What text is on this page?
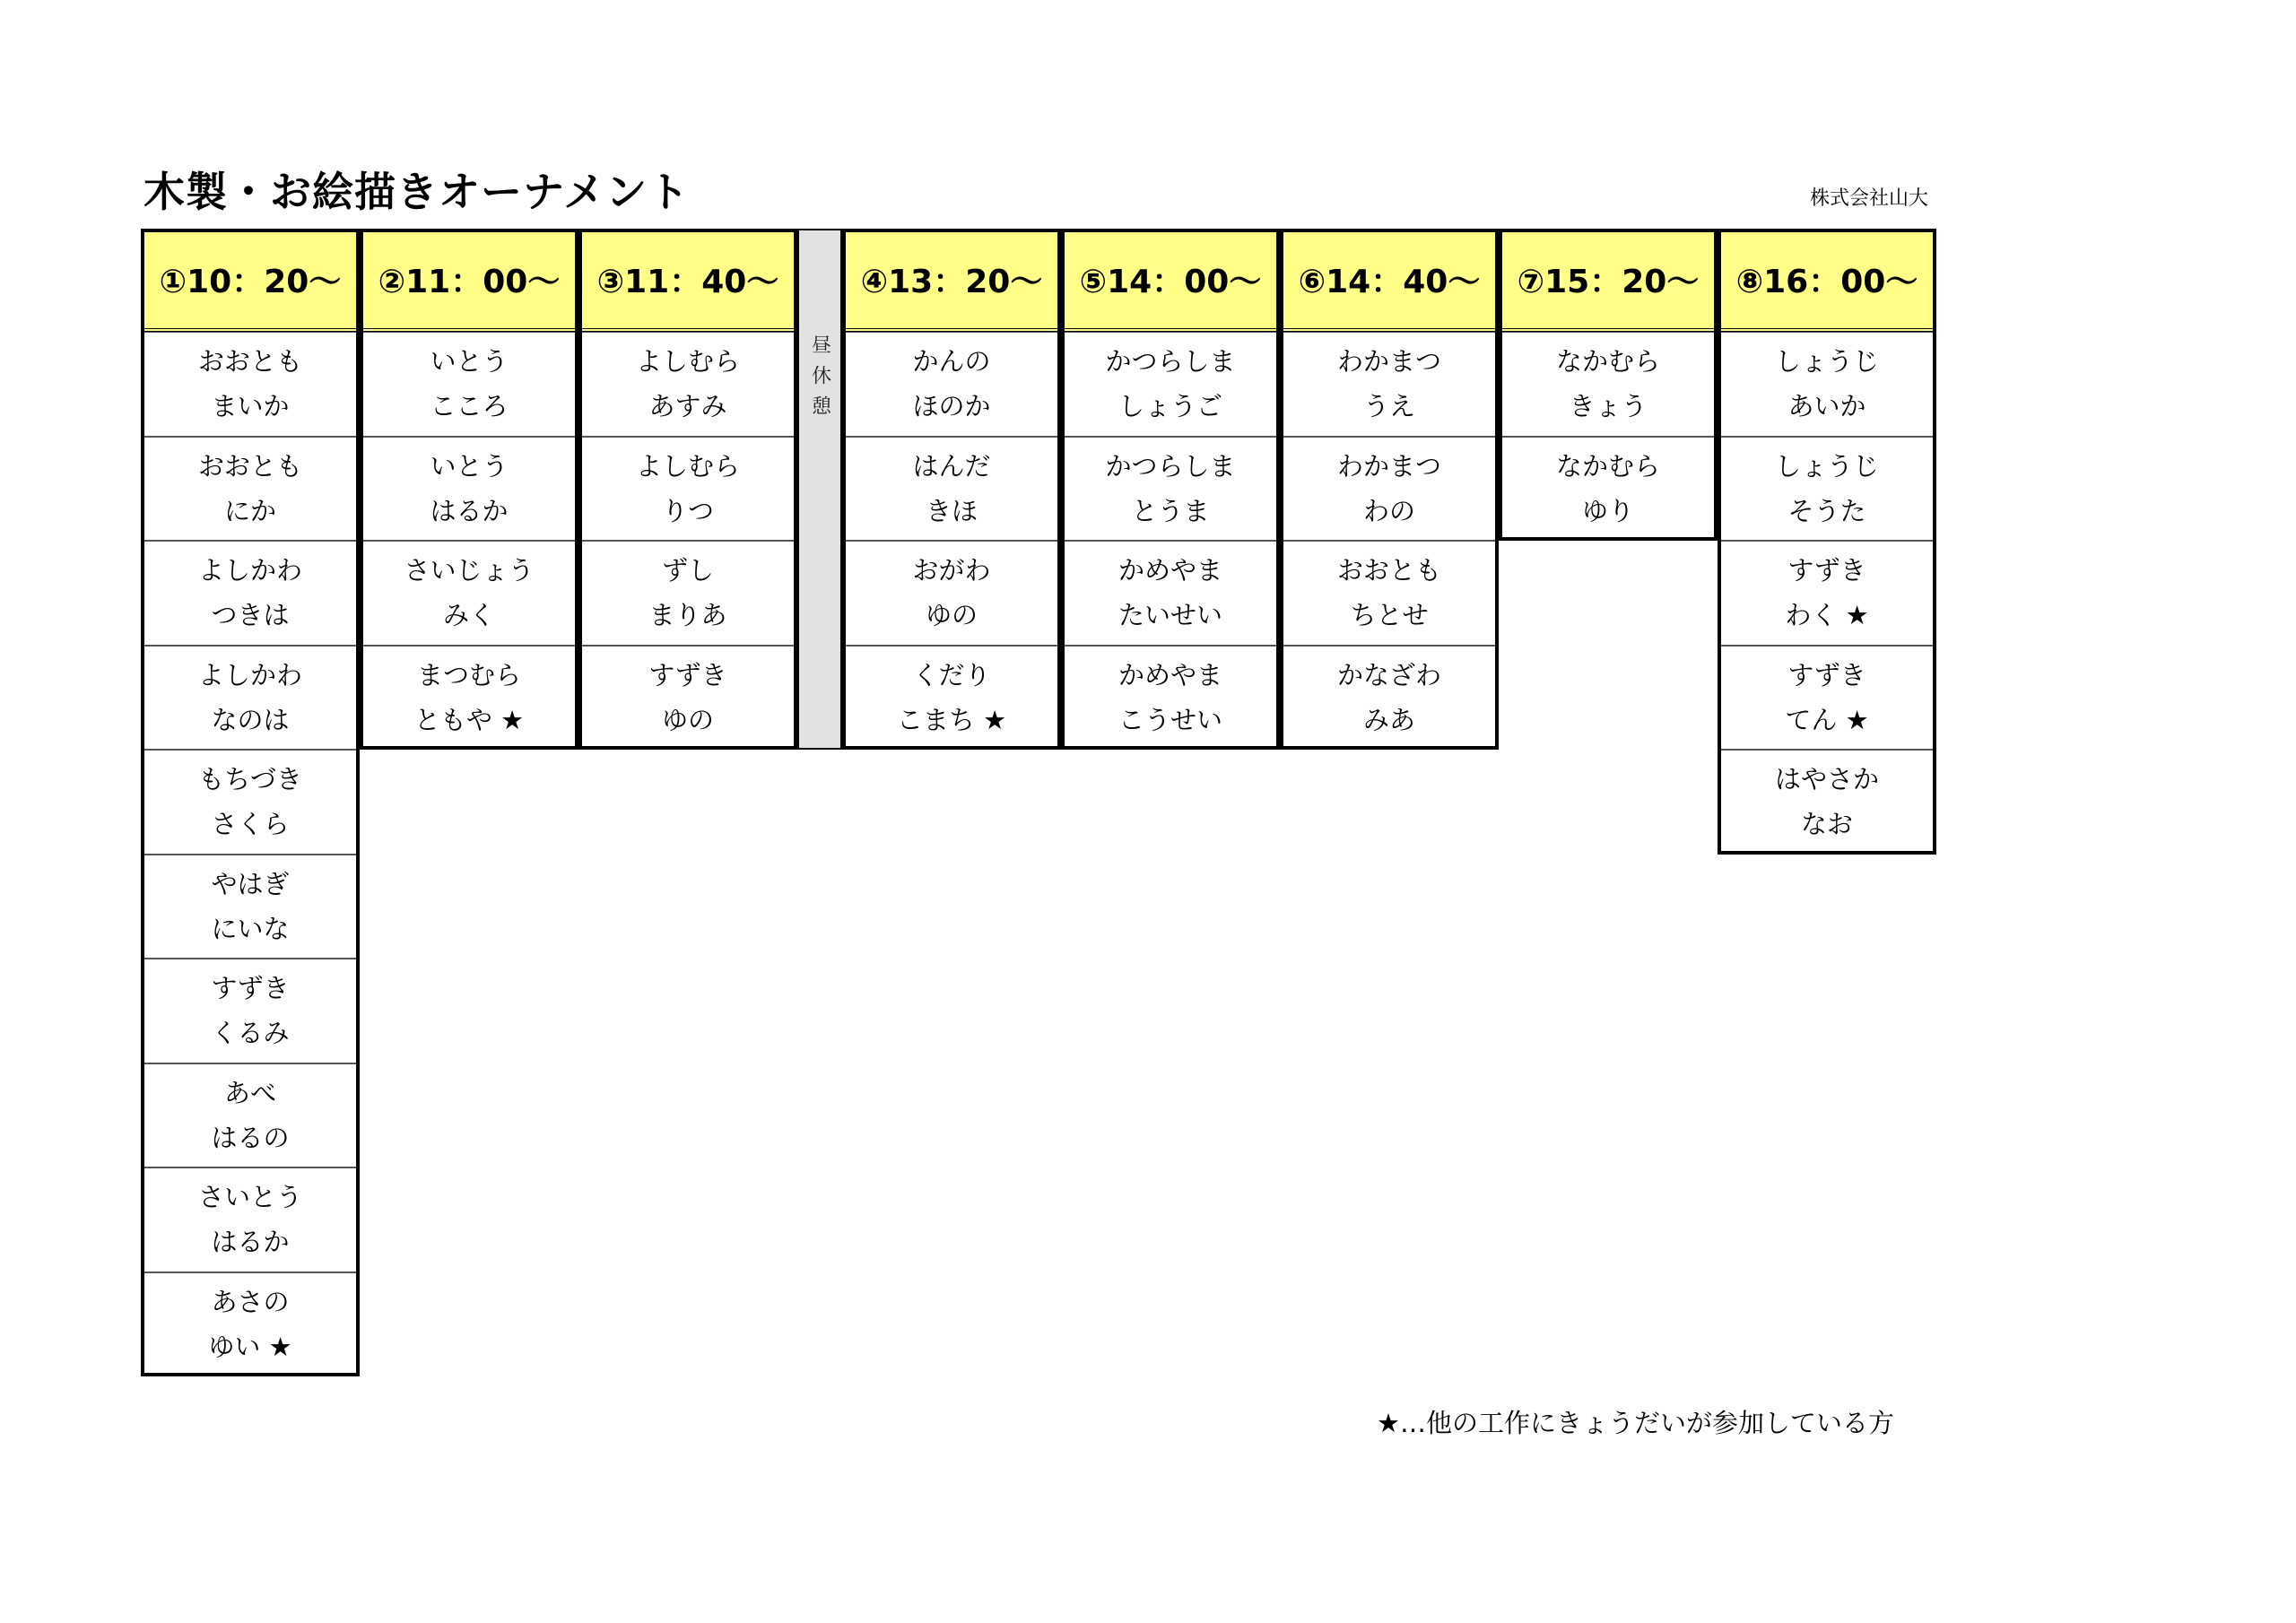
木製・お絵描きオーナメント	株式会社山大
①10：20～
おおとも
まいか
おおとも
にか
よしかわ
つきは
よしかわ
なのは
もちづき
さくら
やはぎ
にいな
すずき
くるみ
あべ
はるの
さいとう
はるか
あさの
ゆい ★
②11：00～
いとう
こころ
いとう
はるか
さいじょう
みく
まつむら
ともや ★
③11：40～
よしむら
あすみ
よしむら
りつ
ずし
まりあ
すずき
ゆの
④13：20～
かんの
ほのか
はんだ
きほ
おがわ
ゆの
くだり
こまち ★
⑤14：00～
かつらしま
しょうご
かつらしま
とうま
かめやま
たいせい
かめやま
こうせい
⑥14：40～
わかまつ
うえ
わかまつ
わの
おおとも
ちとせ
かなざわ
みあ
⑦15：20～
なかむら
きょう
なかむら
ゆり
⑧16：00～
しょうじ
あいか
しょうじ
そうた
すずき
わく ★
すずき
てん ★
はやさか
なお
昼休憩
★…他の工作にきょうだいが参加している方
